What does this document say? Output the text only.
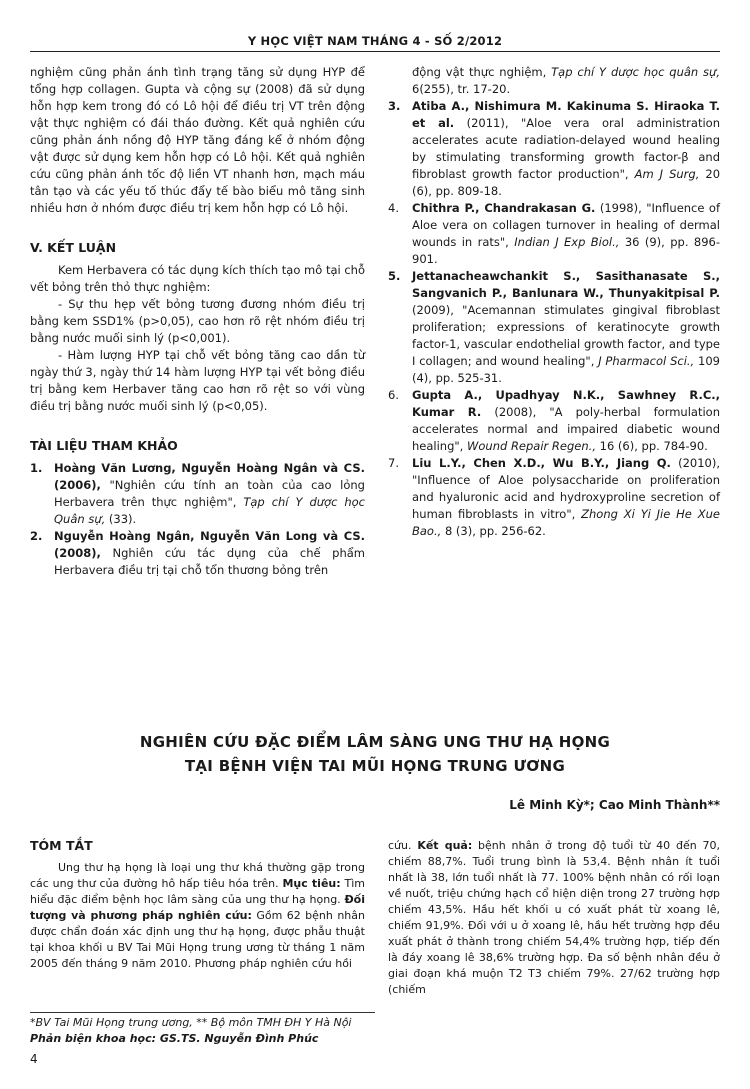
Y HỌC VIỆT NAM THÁNG 4 - SỐ 2/2012

nghiệm cũng phản ánh tình trạng tăng sử dụng HYP để tổng hợp collagen. Gupta và cộng sự (2008) đã sử dụng hỗn hợp kem trong đó có Lô hội để điều trị VT trên động vật thực nghiệm có đái tháo đường. Kết quả nghiên cứu cũng phản ánh nồng độ HYP tăng đáng kể ở nhóm động vật được sử dụng kem hỗn hợp có Lô hội. Kết quả nghiên cứu cũng phản ánh tốc độ liền VT nhanh hơn, mạch máu tân tạo và các yếu tố thúc đẩy tế bào biểu mô tăng sinh nhiều hơn ở nhóm được điều trị kem hỗn hợp có Lô hội.

V. KẾT LUẬN

Kem Herbavera có tác dụng kích thích tạo mô tại chỗ vết bỏng trên thỏ thực nghiệm:

- Sự thu hẹp vết bỏng tương đương nhóm điều trị bằng kem SSD1% (p>0,05), cao hơn rõ rệt nhóm điều trị bằng nước muối sinh lý (p<0,001).

- Hàm lượng HYP tại chỗ vết bỏng tăng cao dần từ ngày thứ 3, ngày thứ 14 hàm lượng HYP tại vết bỏng điều trị bằng kem Herbaver tăng cao hơn rõ rệt so với vùng điều trị bằng nước muối sinh lý (p<0,05).

TÀI LIỆU THAM KHẢO
1.	Hoàng Văn Lương, Nguyễn Hoàng Ngân và CS. (2006), "Nghiên cứu tính an toàn của cao lỏng Herbavera trên thực nghiệm", Tạp chí Y dược học Quân sự, (33).
2.	Nguyễn Hoàng Ngân, Nguyễn Văn Long và CS. (2008), Nghiên cứu tác dụng của chế phẩm Herbavera điều trị tại chỗ tổn thương bỏng trên
động vật thực nghiệm, Tạp chí Y dược học quân sự, 6(255), tr. 17-20.
3.	Atiba A., Nishimura M. Kakinuma S. Hiraoka T. et al. (2011), "Aloe vera oral administration accelerates acute radiation-delayed wound healing by stimulating transforming growth factor-β and fibroblast growth factor production", Am J Surg, 20 (6), pp. 809-18.
4.	Chithra P., Chandrakasan G. (1998), "Influence of Aloe vera on collagen turnover in healing of dermal wounds in rats", Indian J Exp Biol., 36 (9), pp. 896-901.
5.	Jettanacheawchankit S., Sasithanasate S., Sangvanich P., Banlunara W., Thunyakitpisal P. (2009), "Acemannan stimulates gingival fibroblast proliferation; expressions of keratinocyte growth factor-1, vascular endothelial growth factor, and type I collagen; and wound healing", J Pharmacol Sci., 109 (4), pp. 525-31.
6.	Gupta A., Upadhyay N.K., Sawhney R.C., Kumar R. (2008), "A poly-herbal formulation accelerates normal and impaired diabetic wound healing", Wound Repair Regen., 16 (6), pp. 784-90.
7.	Liu L.Y., Chen X.D., Wu B.Y., Jiang Q. (2010), "Influence of Aloe polysaccharide on proliferation and hyaluronic acid and hydroxyproline secretion of human fibroblasts in vitro", Zhong Xi Yi Jie He Xue Bao., 8 (3), pp. 256-62.
NGHIÊN CỨU ĐẶC ĐIỂM LÂM SÀNG UNG THƯ HẠ HỌNG
TẠI BỆNH VIỆN TAI MŨI HỌNG TRUNG ƯƠNG
Lê Minh Kỳ*; Cao Minh Thành**
TÓM TẮT

Ung thư hạ họng là loại ung thư khá thường gặp trong các ung thư của đường hô hấp tiêu hóa trên. Mục tiêu: Tìm hiểu đặc điểm bệnh học lâm sàng của ung thư hạ họng. Đối tượng và phương pháp nghiên cứu: Gồm 62 bệnh nhân được chẩn đoán xác định ung thư hạ họng, được phẫu thuật tại khoa khối u BV Tai Mũi Họng trung ương từ tháng 1 năm 2005 đến tháng 9 năm 2010. Phương pháp nghiên cứu hồi

cứu. Kết quả: bệnh nhân ở trong độ tuổi từ 40 đến 70, chiếm 88,7%. Tuổi trung bình là 53,4. Bệnh nhân ít tuổi nhất là 38, lớn tuổi nhất là 77. 100% bệnh nhân có rối loạn về nuốt, triệu chứng hạch cổ hiện diện trong 27 trường hợp chiếm 43,5%. Hầu hết khối u có xuất phát từ xoang lê, chiếm 91,9%. Đối với u ở xoang lê, hầu hết trường hợp đều xuất phát ở thành trong chiếm 54,4% trường hợp, tiếp đến là đáy xoang lê 38,6% trường hợp. Đa số bệnh nhân đều ở giai đoạn khá muộn T2 T3 chiếm 79%. 27/62 trường hợp (chiếm

*BV Tai Mũi Họng trung ương, ** Bộ môn TMH ĐH Y Hà Nội
Phản biện khoa học: GS.TS. Nguyễn Đình Phúc
4
